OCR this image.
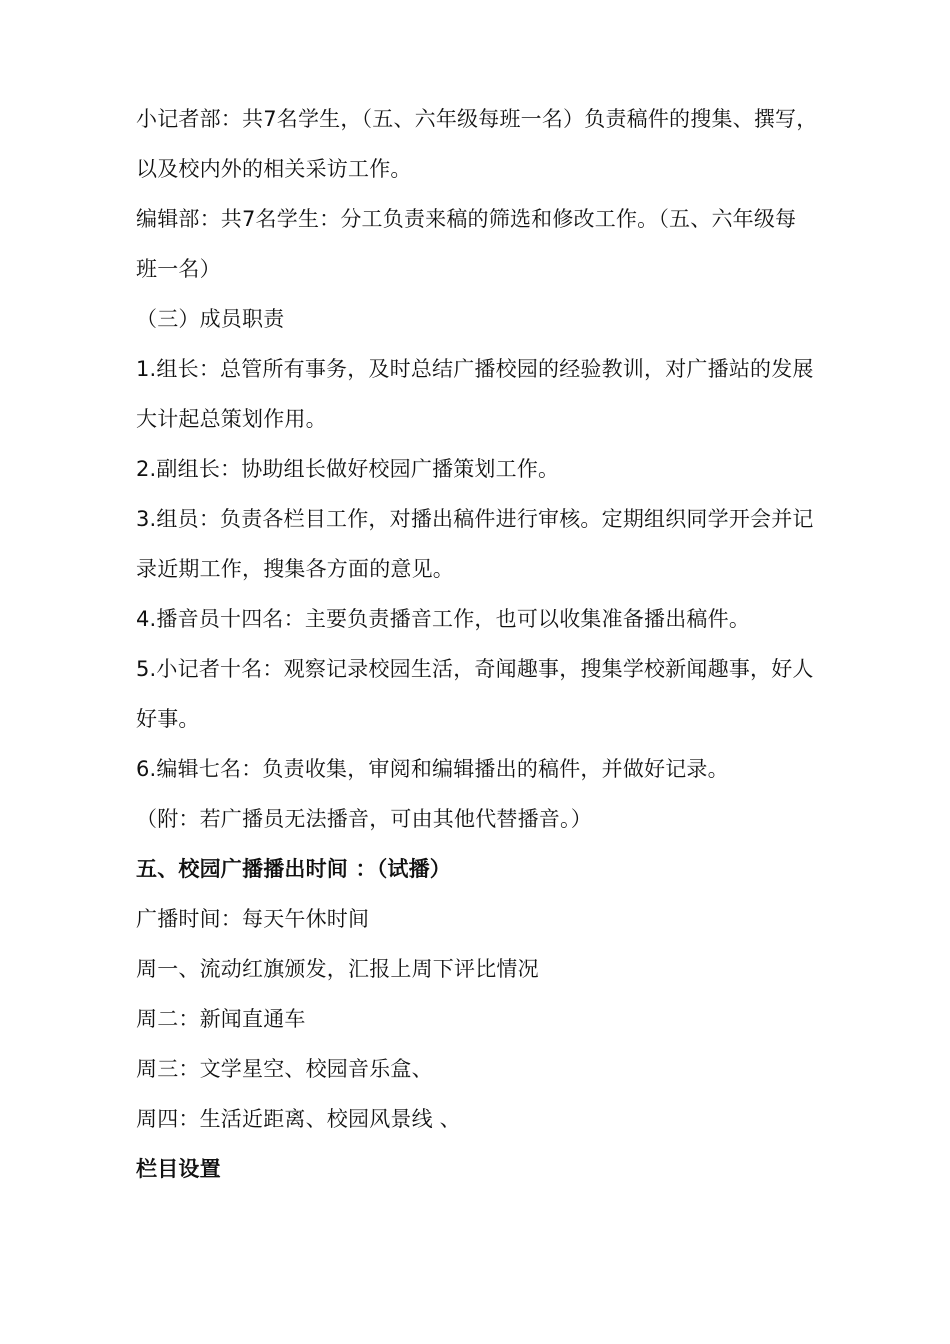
小记者部：共7名学生，（五、六年级每班一名）负责稿件的搜集、撰写，

以及校内外的相关采访工作。

编辑部：共7名学生：分工负责来稿的筛选和修改工作。（五、六年级每

班一名）

（三）成员职责

1.组长：总管所有事务，及时总结广播校园的经验教训，对广播站的发展

大计起总策划作用。

2.副组长：协助组长做好校园广播策划工作。

3.组员：负责各栏目工作，对播出稿件进行审核。定期组织同学开会并记

录近期工作，搜集各方面的意见。

4.播音员十四名：主要负责播音工作，也可以收集准备播出稿件。

5.小记者十名：观察记录校园生活，奇闻趣事，搜集学校新闻趣事，好人

好事。

6.编辑七名：负责收集，审阅和编辑播出的稿件，并做好记录。

（附：若广播员无法播音，可由其他代替播音。）

五、校园广播播出时间 ：（试播）

广播时间：每天午休时间

周一、流动红旗颁发，汇报上周下评比情况

周二：新闻直通车

周三：文学星空、校园音乐盒、

周四：生活近距离、校园风景线 、

栏目设置
